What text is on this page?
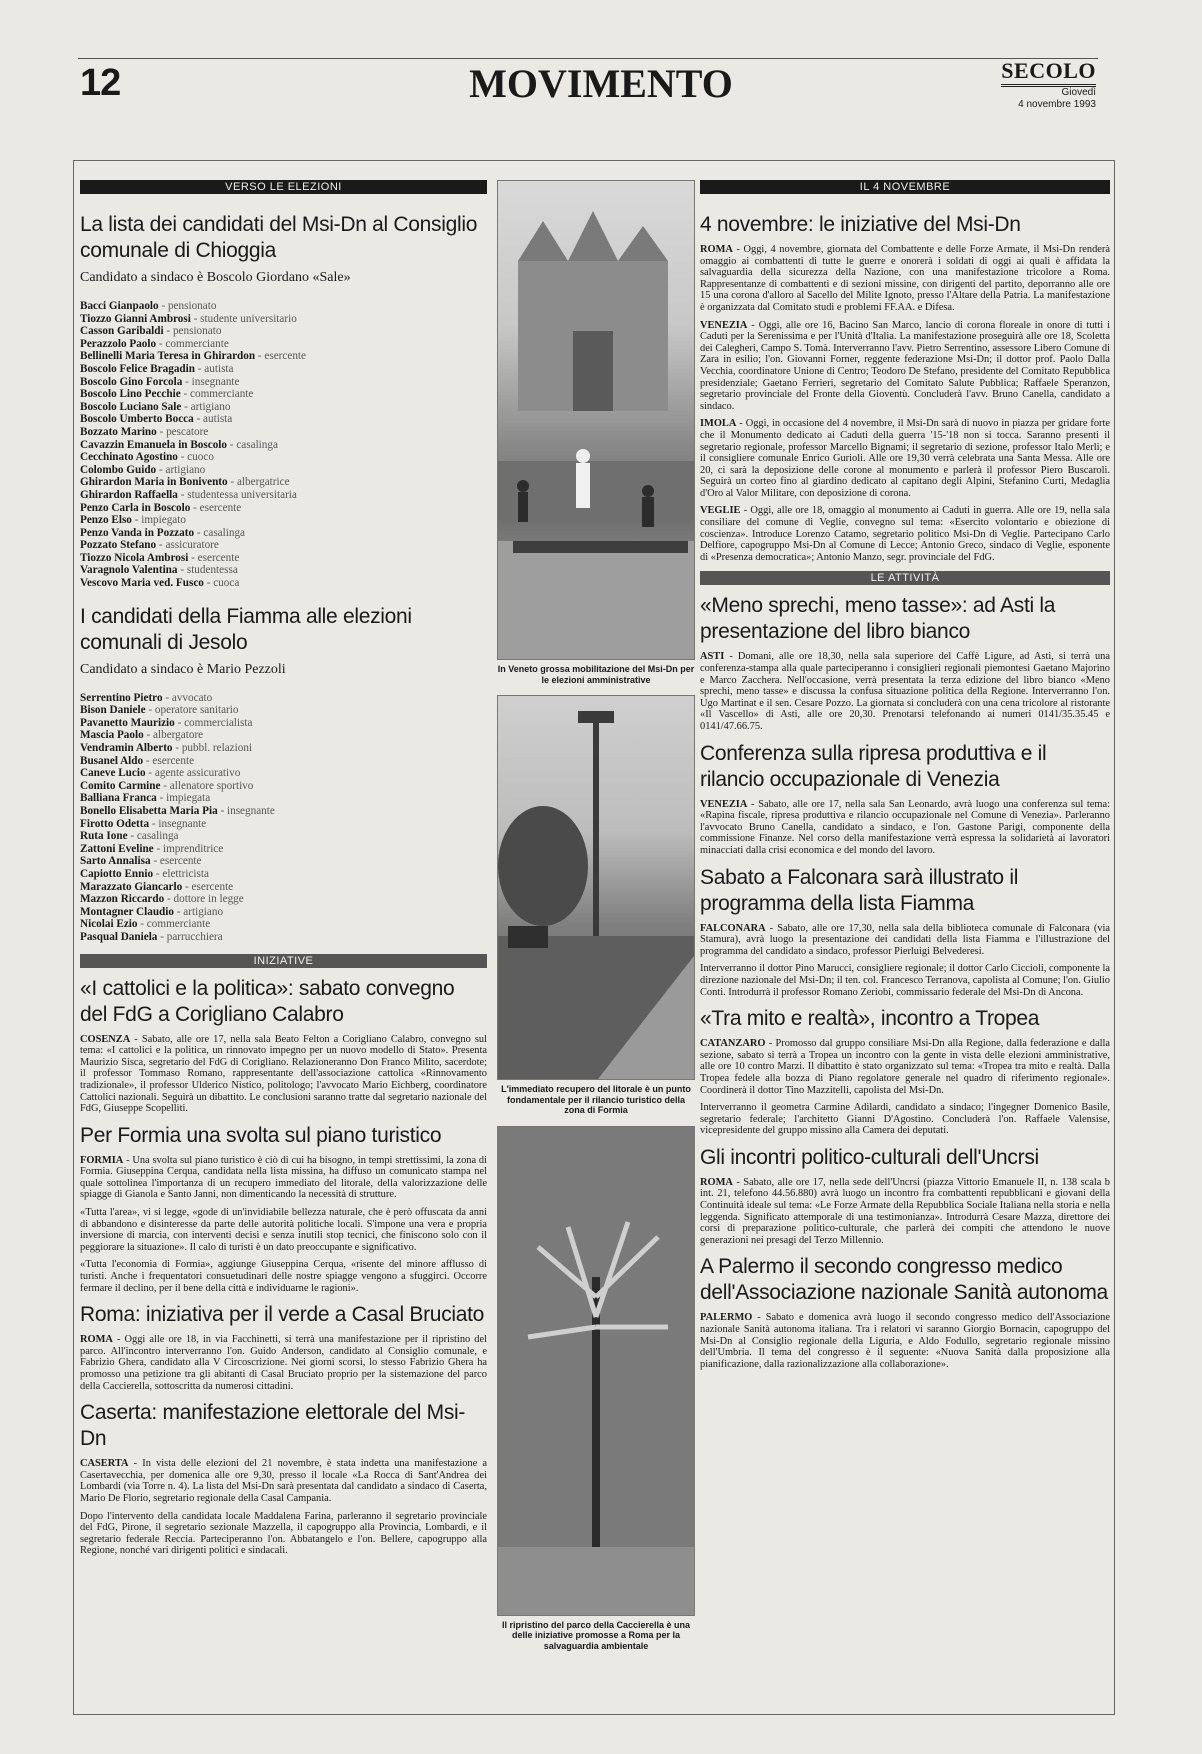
12	MOVIMENTO	SECOLO
Giovedì
4 novembre 1993
VERSO LE ELEZIONI
La lista dei candidati del Msi-Dn al Consiglio comunale di Chioggia
Candidato a sindaco è Boscolo Giordano «Sale»
Bacci Gianpaolo - pensionato
Tiozzo Gianni Ambrosi - studente universitario
Casson Garibaldi - pensionato
Perazzolo Paolo - commerciante
Bellinelli Maria Teresa in Ghirardon - esercente
Boscolo Felice Bragadin - autista
Boscolo Gino Forcola - insegnante
Boscolo Lino Pecchie - commerciante
Boscolo Luciano Sale - artigiano
Boscolo Umberto Bocca - autista
Bozzato Marino - pescatore
Cavazzin Emanuela in Boscolo - casalinga
Cecchinato Agostino - cuoco
Colombo Guido - artigiano
Ghirardon Maria in Bonivento - albergatrice
Ghirardon Raffaella - studentessa universitaria
Penzo Carla in Boscolo - esercente
Penzo Elso - impiegato
Penzo Vanda in Pozzato - casalinga
Pozzato Stefano - assicuratore
Tiozzo Nicola Ambrosi - esercente
Varagnolo Valentina - studentessa
Vescovo Maria ved. Fusco - cuoca
I candidati della Fiamma alle elezioni comunali di Jesolo
Candidato a sindaco è Mario Pezzoli
Serrentino Pietro - avvocato
Bison Daniele - operatore sanitario
Pavanetto Maurizio - commercialista
Mascia Paolo - albergatore
Vendramin Alberto - pubbl. relazioni
Busanel Aldo - esercente
Caneve Lucio - agente assicurativo
Comito Carmine - allenatore sportivo
Balliana Franca - impiegata
Bonello Elisabetta Maria Pia - insegnante
Firotto Odetta - insegnante
Ruta Ione - casalinga
Zattoni Eveline - imprenditrice
Sarto Annalisa - esercente
Capiotto Ennio - elettricista
Marazzato Giancarlo - esercente
Mazzon Riccardo - dottore in legge
Montagner Claudio - artigiano
Nicolai Ezio - commerciante
Pasqual Daniela - parrucchiera
INIZIATIVE
«I cattolici e la politica»: sabato convegno del FdG a Corigliano Calabro

COSENZA - Sabato, alle ore 17, nella sala Beato Felton a Corigliano Calabro, convegno sul tema: «I cattolici e la politica, un rinnovato impegno per un nuovo modello di Stato». Presenta Maurizio Sisca, segretario del FdG di Corigliano. Relazioneranno Don Franco Milito, sacerdote; il professor Tommaso Romano, rappresentante dell'associazione cattolica «Rinnovamento tradizionale», il professor Ulderico Nistico, politologo; l'avvocato Mario Eichberg, coordinatore Cattolici nazionali. Seguirà un dibattito. Le conclusioni saranno tratte dal segretario nazionale del FdG, Giuseppe Scopelliti.

Per Formia una svolta sul piano turistico

FORMIA - Una svolta sul piano turistico è ciò di cui ha bisogno, in tempi strettissimi, la zona di Formia. Giuseppina Cerqua, candidata nella lista missina, ha diffuso un comunicato stampa nel quale sottolinea l'importanza di un recupero immediato del litorale, della valorizzazione delle spiagge di Gianola e Santo Janni, non dimenticando la necessità di strutture.

«Tutta l'area», vi si legge, «gode di un'invidiabile bellezza naturale, che è però offuscata da anni di abbandono e disinteresse da parte delle autorità politiche locali. S'impone una vera e propria inversione di marcia, con interventi decisi e senza inutili stop tecnici, che finiscono solo con il peggiorare la situazione». Il calo di turisti è un dato preoccupante e significativo.

«Tutta l'economia di Formia», aggiunge Giuseppina Cerqua, «risente del minore afflusso di turisti. Anche i frequentatori consuetudinari delle nostre spiagge vengono a sfuggirci. Occorre fermare il declino, per il bene della città e individuarne le ragioni».

Roma: iniziativa per il verde a Casal Bruciato

ROMA - Oggi alle ore 18, in via Facchinetti, si terrà una manifestazione per il ripristino del parco. All'incontro interverranno l'on. Guido Anderson, candidato al Consiglio comunale, e Fabrizio Ghera, candidato alla V Circoscrizione. Nei giorni scorsi, lo stesso Fabrizio Ghera ha promosso una petizione tra gli abitanti di Casal Bruciato proprio per la sistemazione del parco della Caccierella, sottoscritta da numerosi cittadini.

Caserta: manifestazione elettorale del Msi-Dn

CASERTA - In vista delle elezioni del 21 novembre, è stata indetta una manifestazione a Casertavecchia, per domenica alle ore 9,30, presso il locale «La Rocca di Sant'Andrea dei Lombardi (via Torre n. 4). La lista del Msi-Dn sarà presentata dal candidato a sindaco di Caserta, Mario De Florio, segretario regionale della Casal Campania.

Dopo l'intervento della candidata locale Maddalena Farina, parleranno il segretario provinciale del FdG, Pirone, il segretario sezionale Mazzella, il capogruppo alla Provincia, Lombardi, e il segretario federale Reccia. Parteciperanno l'on. Abbatangelo e l'on. Bellere, capogruppo alla Regione, nonché vari dirigenti politici e sindacali.

In Veneto grossa mobilitazione del Msi-Dn per le elezioni amministrative
L'immediato recupero del litorale è un punto fondamentale per il rilancio turistico della zona di Formia
Il ripristino del parco della Caccierella è una delle iniziative promosse a Roma per la salvaguardia ambientale
IL 4 NOVEMBRE
4 novembre: le iniziative del Msi-Dn

ROMA - Oggi, 4 novembre, giornata del Combattente e delle Forze Armate, il Msi-Dn renderà omaggio ai combattenti di tutte le guerre e onorerà i soldati di oggi ai quali è affidata la salvaguardia della sicurezza della Nazione, con una manifestazione tricolore a Roma. Rappresentanze di combattenti e di sezioni missine, con dirigenti del partito, deporranno alle ore 15 una corona d'alloro al Sacello del Milite Ignoto, presso l'Altare della Patria. La manifestazione è organizzata dal Comitato studi e problemi FF.AA. e Difesa.

VENEZIA - Oggi, alle ore 16, Bacino San Marco, lancio di corona floreale in onore di tutti i Caduti per la Serenissima e per l'Unità d'Italia. La manifestazione proseguirà alle ore 18, Scoletta dei Calegheri, Campo S. Tomà. Interverranno l'avv. Pietro Serrentino, assessore Libero Comune di Zara in esilio; l'on. Giovanni Forner, reggente federazione Msi-Dn; il dottor prof. Paolo Dalla Vecchia, coordinatore Unione di Centro; Teodoro De Stefano, presidente del Comitato Repubblica presidenziale; Gaetano Ferrieri, segretario del Comitato Salute Pubblica; Raffaele Speranzon, segretario provinciale del Fronte della Gioventù. Concluderà l'avv. Bruno Canella, candidato a sindaco.

IMOLA - Oggi, in occasione del 4 novembre, il Msi-Dn sarà di nuovo in piazza per gridare forte che il Monumento dedicato ai Caduti della guerra '15-'18 non si tocca. Saranno presenti il segretario regionale, professor Marcello Bignami; il segretario di sezione, professor Italo Merli; e il consigliere comunale Enrico Gurioli. Alle ore 19,30 verrà celebrata una Santa Messa. Alle ore 20, ci sarà la deposizione delle corone al monumento e parlerà il professor Piero Buscaroli. Seguirà un corteo fino al giardino dedicato al capitano degli Alpini, Stefanino Curti, Medaglia d'Oro al Valor Militare, con deposizione di corona.

VEGLIE - Oggi, alle ore 18, omaggio al monumento ai Caduti in guerra. Alle ore 19, nella sala consiliare del comune di Veglie, convegno sul tema: «Esercito volontario e obiezione di coscienza». Introduce Lorenzo Catamo, segretario politico Msi-Dn di Veglie. Partecipano Carlo Delfiore, capogruppo Msi-Dn al Comune di Lecce; Antonio Greco, sindaco di Veglie, esponente di «Presenza democratica»; Antonio Manzo, segr. provinciale del FdG.

LE ATTIVITÀ
«Meno sprechi, meno tasse»: ad Asti la presentazione del libro bianco

ASTI - Domani, alle ore 18,30, nella sala superiore del Caffè Ligure, ad Asti, si terrà una conferenza-stampa alla quale parteciperanno i consiglieri regionali piemontesi Gaetano Majorino e Marco Zacchera. Nell'occasione, verrà presentata la terza edizione del libro bianco «Meno sprechi, meno tasse» e discussa la confusa situazione politica della Regione. Interverranno l'on. Ugo Martinat e il sen. Cesare Pozzo. La giornata si concluderà con una cena tricolore al ristorante «Il Vascello» di Asti, alle ore 20,30. Prenotarsi telefonando ai numeri 0141/35.35.45 e 0141/47.66.75.

Conferenza sulla ripresa produttiva e il rilancio occupazionale di Venezia

VENEZIA - Sabato, alle ore 17, nella sala San Leonardo, avrà luogo una conferenza sul tema: «Rapina fiscale, ripresa produttiva e rilancio occupazionale nel Comune di Venezia». Parleranno l'avvocato Bruno Canella, candidato a sindaco, e l'on. Gastone Parigi, componente della commissione Finanze. Nel corso della manifestazione verrà espressa la solidarietà ai lavoratori minacciati dalla crisi economica e del mondo del lavoro.

Sabato a Falconara sarà illustrato il programma della lista Fiamma

FALCONARA - Sabato, alle ore 17,30, nella sala della biblioteca comunale di Falconara (via Stamura), avrà luogo la presentazione dei candidati della lista Fiamma e l'illustrazione del programma del candidato a sindaco, professor Pierluigi Belvederesi.

Interverranno il dottor Pino Marucci, consigliere regionale; il dottor Carlo Ciccioli, componente la direzione nazionale del Msi-Dn; il ten. col. Francesco Terranova, capolista al Comune; l'on. Giulio Conti. Introdurrà il professor Romano Zeriobi, commissario federale del Msi-Dn di Ancona.

«Tra mito e realtà», incontro a Tropea

CATANZARO - Promosso dal gruppo consiliare Msi-Dn alla Regione, dalla federazione e dalla sezione, sabato si terrà a Tropea un incontro con la gente in vista delle elezioni amministrative, alle ore 10 contro Marzi. Il dibattito è stato organizzato sul tema: «Tropea tra mito e realtà. Dalla Tropea fedele alla bozza di Piano regolatore generale nel quadro di riferimento regionale». Coordinerà il dottor Tino Mazzitelli, capolista del Msi-Dn.

Interverranno il geometra Carmine Adilardi, candidato a sindaco; l'ingegner Domenico Basile, segretario federale; l'architetto Gianni D'Agostino. Concluderà l'on. Raffaele Valensise, vicepresidente del gruppo missino alla Camera dei deputati.

Gli incontri politico-culturali dell'Uncrsi

ROMA - Sabato, alle ore 17, nella sede dell'Uncrsi (piazza Vittorio Emanuele II, n. 138 scala b int. 21, telefono 44.56.880) avrà luogo un incontro fra combattenti repubblicani e giovani della Continuità ideale sul tema: «Le Forze Armate della Repubblica Sociale Italiana nella storia e nella leggenda. Significato attemporale di una testimonianza». Introdurrà Cesare Mazza, direttore dei corsi di preparazione politico-culturale, che parlerà dei compiti che attendono le nuove generazioni nei presagi del Terzo Millennio.

A Palermo il secondo congresso medico dell'Associazione nazionale Sanità autonoma

PALERMO - Sabato e domenica avrà luogo il secondo congresso medico dell'Associazione nazionale Sanità autonoma italiana. Tra i relatori vi saranno Giorgio Bornacin, capogruppo del Msi-Dn al Consiglio regionale della Liguria, e Aldo Fodullo, segretario regionale missino dell'Umbria. Il tema del congresso è il seguente: «Nuova Sanità dalla proposizione alla pianificazione, dalla razionalizzazione alla collaborazione».
